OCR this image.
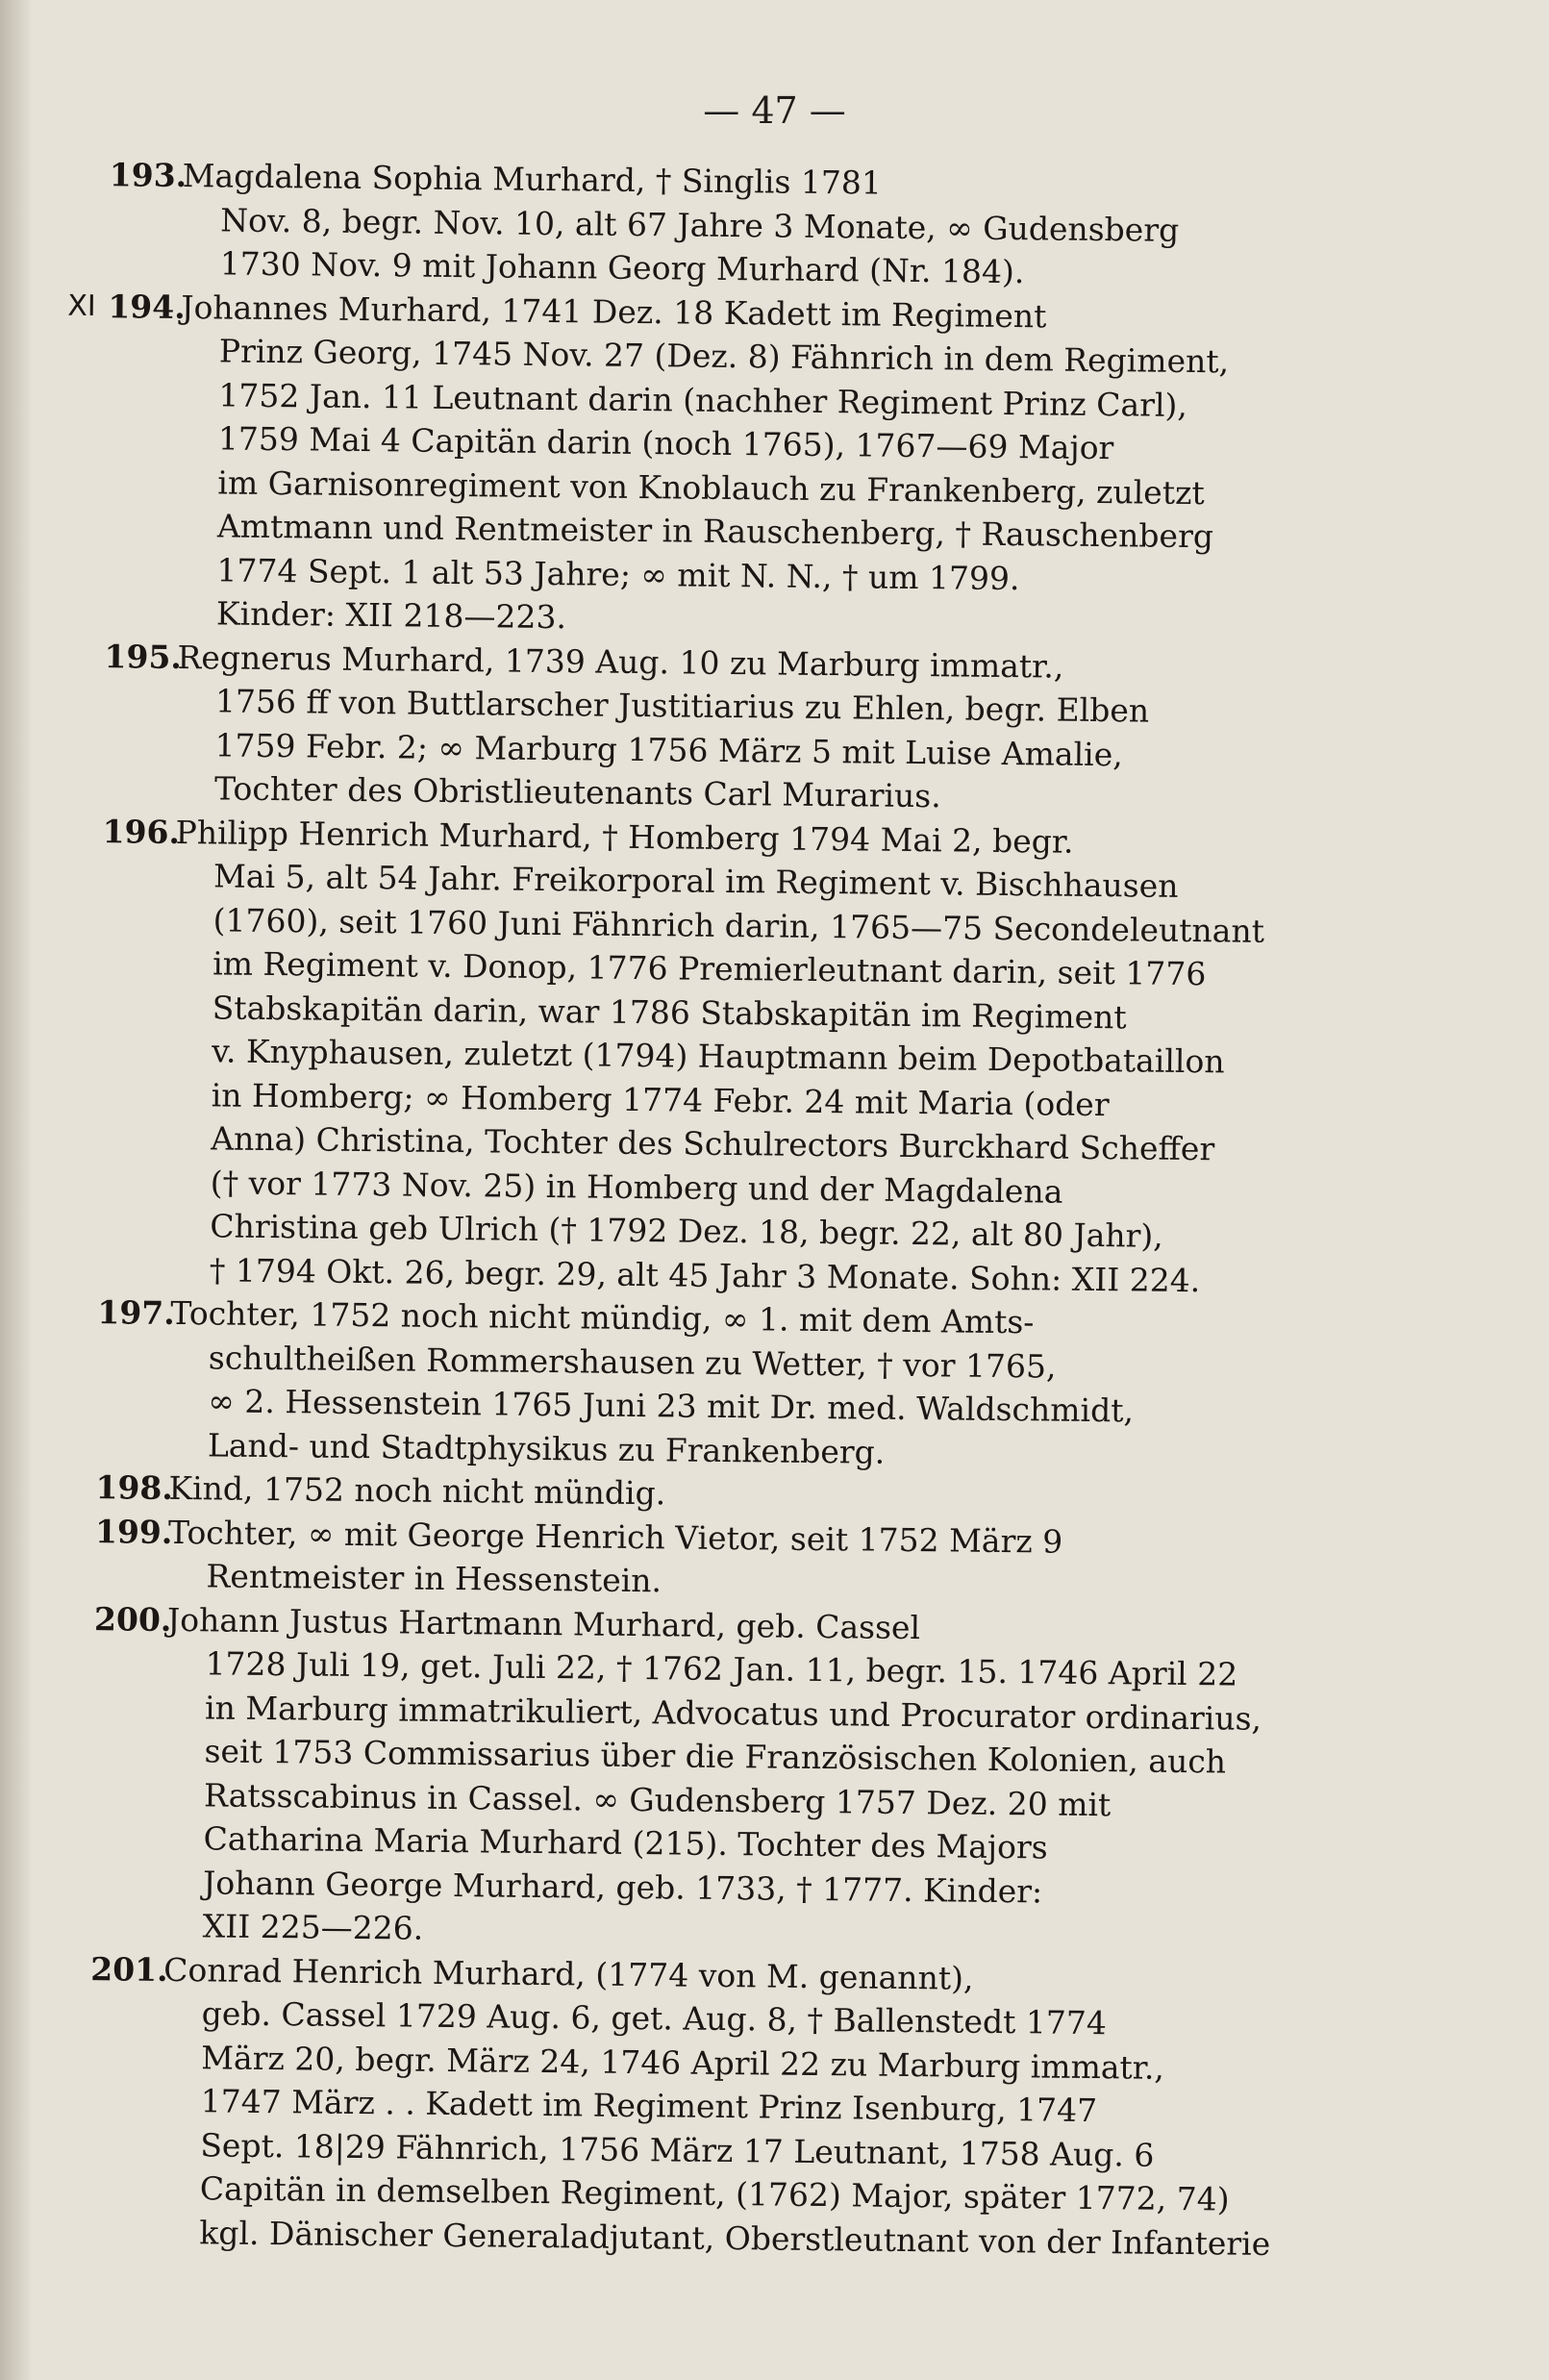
— 47 —
193.
Magdalena Sophia Murhard, † Singlis 1781
Nov. 8, begr. Nov. 10, alt 67 Jahre 3 Monate, ∞ Gudensberg
1730 Nov. 9 mit Johann Georg Murhard (Nr. 184).
XI 194.
Johannes Murhard, 1741 Dez. 18 Kadett im Regiment
Prinz Georg, 1745 Nov. 27 (Dez. 8) Fähnrich in dem Regiment,
1752 Jan. 11 Leutnant darin (nachher Regiment Prinz Carl),
1759 Mai 4 Capitän darin (noch 1765), 1767—69 Major
im Garnisonregiment von Knoblauch zu Frankenberg, zuletzt
Amtmann und Rentmeister in Rauschenberg, † Rauschenberg
1774 Sept. 1 alt 53 Jahre; ∞ mit N. N., † um 1799.
Kinder: XII 218—223.
195.
Regnerus Murhard, 1739 Aug. 10 zu Marburg immatr.,
1756 ff von Buttlarscher Justitiarius zu Ehlen, begr. Elben
1759 Febr. 2; ∞ Marburg 1756 März 5 mit Luise Amalie,
Tochter des Obristlieutenants Carl Murarius.
196.
Philipp Henrich Murhard, † Homberg 1794 Mai 2, begr.
Mai 5, alt 54 Jahr. Freikorporal im Regiment v. Bischhausen
(1760), seit 1760 Juni Fähnrich darin, 1765—75 Secondeleutnant
im Regiment v. Donop, 1776 Premierleutnant darin, seit 1776
Stabskapitän darin, war 1786 Stabskapitän im Regiment
v. Knyphausen, zuletzt (1794) Hauptmann beim Depotbataillon
in Homberg; ∞ Homberg 1774 Febr. 24 mit Maria (oder
Anna) Christina, Tochter des Schulrectors Burckhard Scheffer
(† vor 1773 Nov. 25) in Homberg und der Magdalena
Christina geb Ulrich († 1792 Dez. 18, begr. 22, alt 80 Jahr),
† 1794 Okt. 26, begr. 29, alt 45 Jahr 3 Monate. Sohn: XII 224.
197.
Tochter, 1752 noch nicht mündig, ∞ 1. mit dem Amts-
schultheißen Rommershausen zu Wetter, † vor 1765,
∞ 2. Hessenstein 1765 Juni 23 mit Dr. med. Waldschmidt,
Land- und Stadtphysikus zu Frankenberg.
198.
Kind, 1752 noch nicht mündig.
199.
Tochter, ∞ mit George Henrich Vietor, seit 1752 März 9
Rentmeister in Hessenstein.
200.
Johann Justus Hartmann Murhard, geb. Cassel
1728 Juli 19, get. Juli 22, † 1762 Jan. 11, begr. 15. 1746 April 22
in Marburg immatrikuliert, Advocatus und Procurator ordinarius,
seit 1753 Commissarius über die Französischen Kolonien, auch
Ratsscabinus in Cassel. ∞ Gudensberg 1757 Dez. 20 mit
Catharina Maria Murhard (215). Tochter des Majors
Johann George Murhard, geb. 1733, † 1777. Kinder:
XII 225—226.
201.
Conrad Henrich Murhard, (1774 von M. genannt),
geb. Cassel 1729 Aug. 6, get. Aug. 8, † Ballenstedt 1774
März 20, begr. März 24, 1746 April 22 zu Marburg immatr.,
1747 März . . Kadett im Regiment Prinz Isenburg, 1747
Sept. 18|29 Fähnrich, 1756 März 17 Leutnant, 1758 Aug. 6
Capitän in demselben Regiment, (1762) Major, später 1772, 74)
kgl. Dänischer Generaladjutant, Oberstleutnant von der Infanterie
